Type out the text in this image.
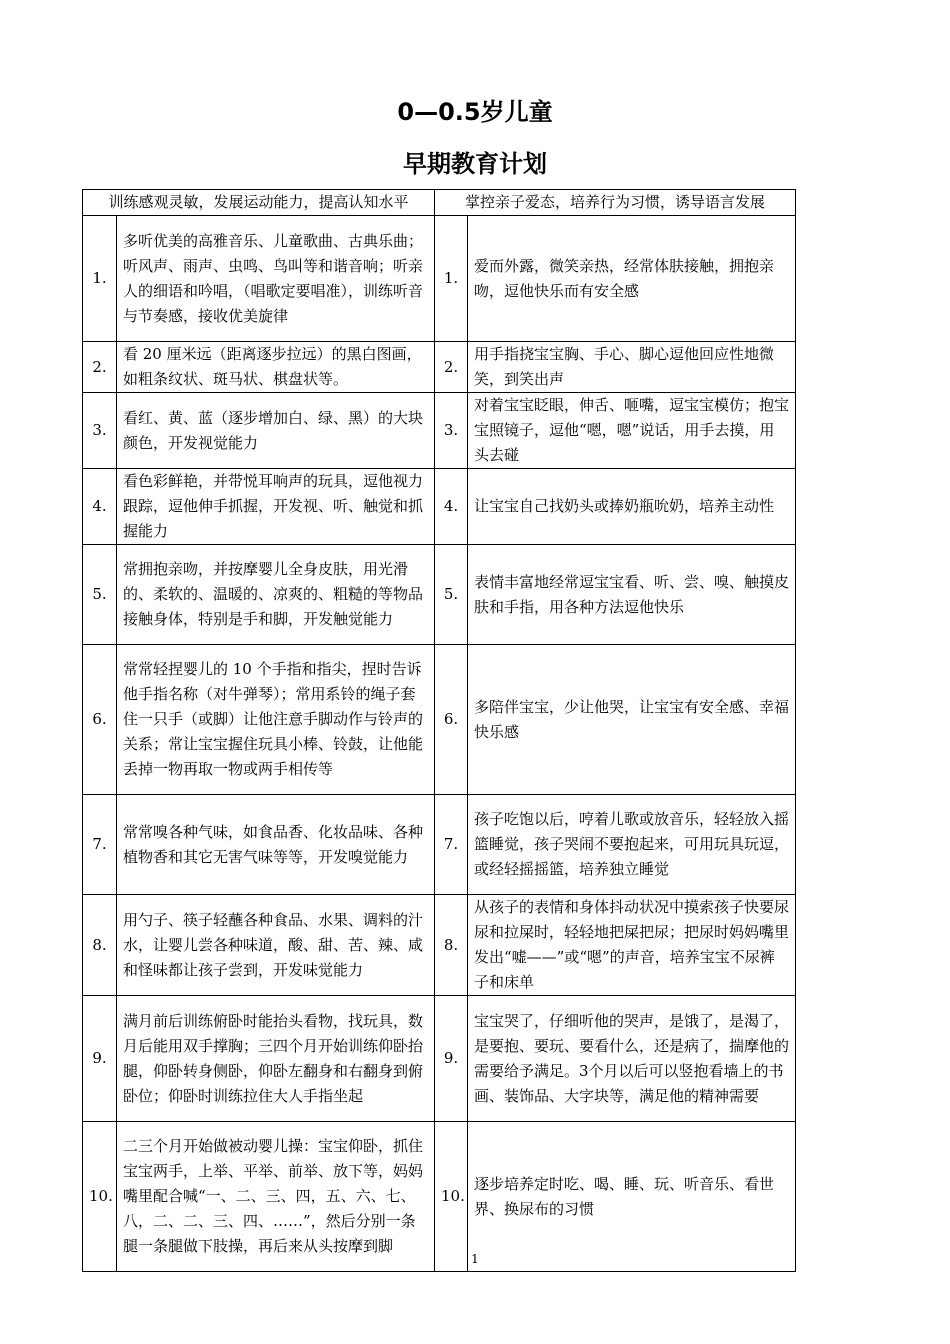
0—0.5岁儿童
早期教育计划
训练感观灵敏，发展运动能力，提高认知水平		掌控亲子爱态，培养行为习惯，诱导语言发展	
1.	多听优美的高雅音乐、儿童歌曲、古典乐曲；听风声、雨声、虫鸣、鸟叫等和谐音响；听亲人的细语和吟唱，（唱歌定要唱准），训练听音与节奏感，接收优美旋律	1.	爱而外露，微笑亲热，经常体肤接触，拥抱亲吻，逗他快乐而有安全感
2.	看 20 厘米远（距离逐步拉远）的黑白图画，如粗条纹状、斑马状、棋盘状等。	2.	用手指挠宝宝胸、手心、脚心逗他回应性地微笑，到笑出声
3.	看红、黄、蓝（逐步增加白、绿、黑）的大块颜色，开发视觉能力	3.	对着宝宝眨眼，伸舌、咂嘴，逗宝宝模仿；抱宝宝照镜子，逗他“嗯，嗯”说话，用手去摸，用头去碰
4.	看色彩鲜艳，并带悦耳响声的玩具，逗他视力跟踪，逗他伸手抓握，开发视、听、触觉和抓握能力	4.	让宝宝自己找奶头或捧奶瓶吮奶，培养主动性
5.	常拥抱亲吻，并按摩婴儿全身皮肤，用光滑的、柔软的、温暖的、凉爽的、粗糙的等物品接触身体，特别是手和脚，开发触觉能力	5.	表情丰富地经常逗宝宝看、听、尝、嗅、触摸皮肤和手指，用各种方法逗他快乐
6.	常常轻捏婴儿的 10 个手指和指尖，捏时告诉他手指名称（对牛弹琴）；常用系铃的绳子套住一只手（或脚）让他注意手脚动作与铃声的关系；常让宝宝握住玩具小棒、铃鼓，让他能丢掉一物再取一物或两手相传等	6.	多陪伴宝宝，少让他哭，让宝宝有安全感、幸福快乐感
7.	常常嗅各种气味，如食品香、化妆品味、各种植物香和其它无害气味等等，开发嗅觉能力	7.	孩子吃饱以后，哼着儿歌或放音乐，轻轻放入摇篮睡觉，孩子哭闹不要抱起来，可用玩具玩逗，或经轻摇摇篮，培养独立睡觉
8.	用勺子、筷子轻蘸各种食品、水果、调料的汁水，让婴儿尝各种味道，酸、甜、苦、辣、咸和怪味都让孩子尝到，开发味觉能力	8.	从孩子的表情和身体抖动状况中摸索孩子快要尿尿和拉屎时，轻轻地把屎把尿；把尿时妈妈嘴里发出“嘘——”或“嗯”的声音，培养宝宝不尿裤子和床单
9.	满月前后训练俯卧时能抬头看物，找玩具，数月后能用双手撑胸；三四个月开始训练仰卧抬腿，仰卧转身侧卧，仰卧左翻身和右翻身到俯卧位；仰卧时训练拉住大人手指坐起	9.	宝宝哭了，仔细听他的哭声，是饿了，是渴了，是要抱、要玩、要看什么，还是病了，揣摩他的需要给予满足。3个月以后可以竖抱看墙上的书画、装饰品、大字块等，满足他的精神需要
10.	二三个月开始做被动婴儿操：宝宝仰卧，抓住宝宝两手，上举、平举、前举、放下等，妈妈嘴里配合喊“一、二、三、四，五、六、七、八，二、二、三、四、……”，然后分别一条腿一条腿做下肢操，再后来从头按摩到脚	10.	逐步培养定时吃、喝、睡、玩、听音乐、看世界、换尿布的习惯
1
